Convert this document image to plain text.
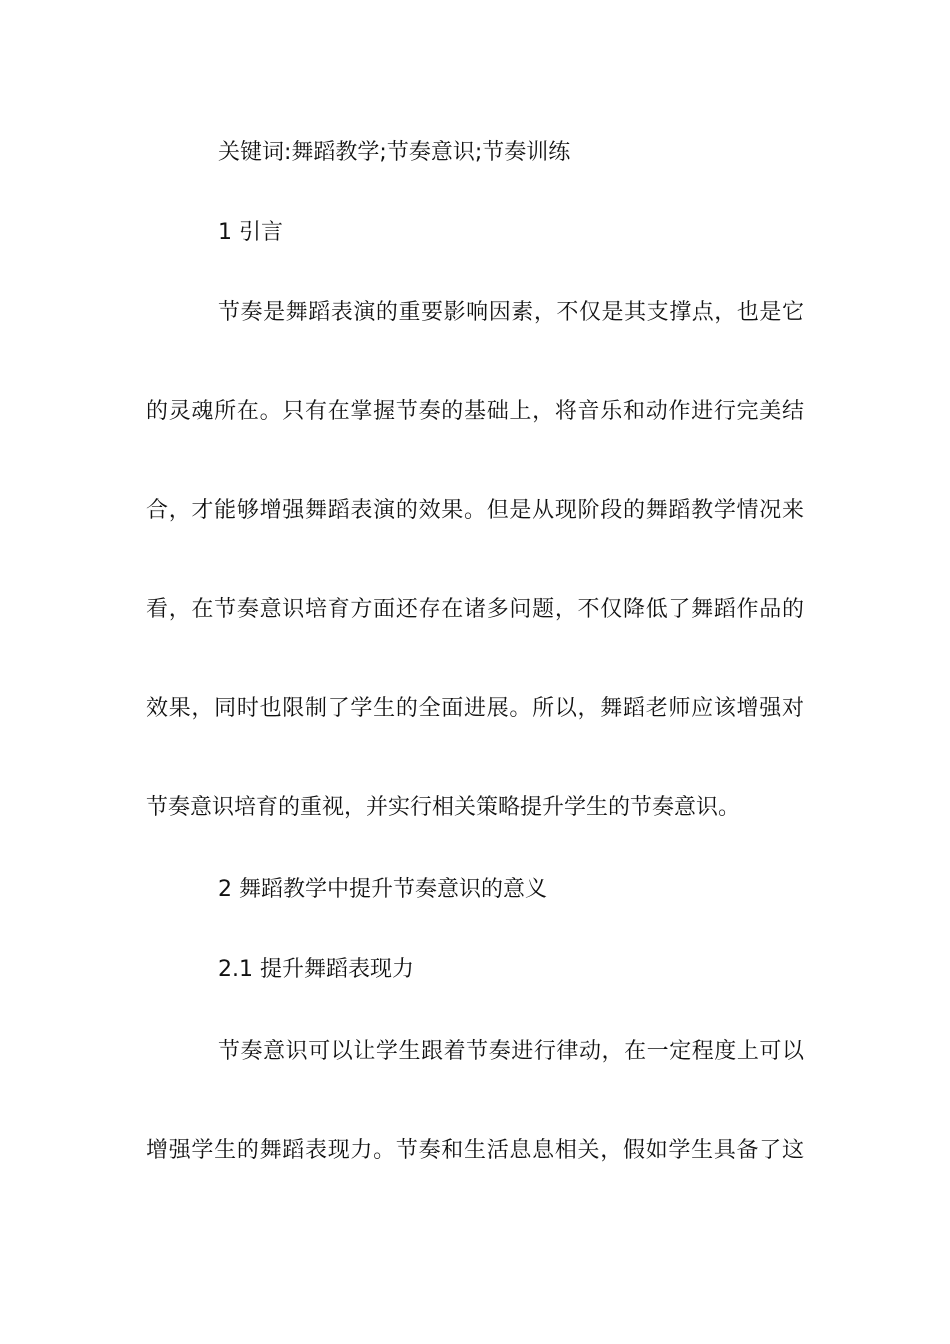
关键词:舞蹈教学;节奏意识;节奏训练
1 引言
节奏是舞蹈表演的重要影响因素，不仅是其支撑点，也是它
的灵魂所在。只有在掌握节奏的基础上，将音乐和动作进行完美结
合，才能够增强舞蹈表演的效果。但是从现阶段的舞蹈教学情况来
看，在节奏意识培育方面还存在诸多问题，不仅降低了舞蹈作品的
效果，同时也限制了学生的全面进展。所以，舞蹈老师应该增强对
节奏意识培育的重视，并实行相关策略提升学生的节奏意识。
2 舞蹈教学中提升节奏意识的意义
2.1 提升舞蹈表现力
节奏意识可以让学生跟着节奏进行律动，在一定程度上可以
增强学生的舞蹈表现力。节奏和生活息息相关，假如学生具备了这
